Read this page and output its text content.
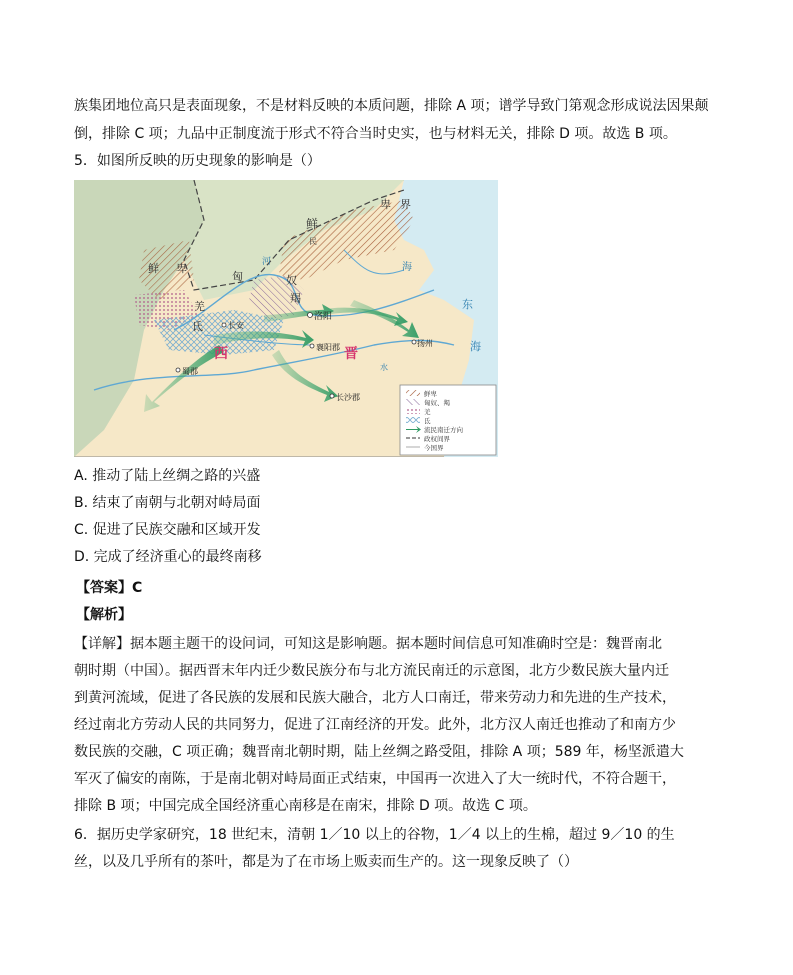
族集团地位高只是表面现象，不是材料反映的本质问题，排除 A 项；谱学导致门第观念形成说法因果颠
倒，排除 C 项；九品中正制度流于形式不符合当时史实，也与材料无关，排除 D 项。故选 B 项。
5．如图所反映的历史现象的影响是（）
鲜
鲜 卑
匈	奴
羯
羌
氐
界
卑
民
河	海
东
海
洛阳
长安
襄阳郡	扬州
蜀郡
长沙郡
西	晋
水
鲜卑
匈奴、羯
羌
氐
流民南迁方向
政权间界
今国界
A. 推动了陆上丝绸之路的兴盛
B. 结束了南朝与北朝对峙局面
C. 促进了民族交融和区域开发
D. 完成了经济重心的最终南移
【答案】C
【解析】
【详解】据本题主题干的设问词，可知这是影响题。据本题时间信息可知准确时空是：魏晋南北
朝时期（中国）。据西晋末年内迁少数民族分布与北方流民南迁的示意图，北方少数民族大量内迁
到黄河流域，促进了各民族的发展和民族大融合，北方人口南迁，带来劳动力和先进的生产技术，
经过南北方劳动人民的共同努力，促进了江南经济的开发。此外，北方汉人南迁也推动了和南方少
数民族的交融，C 项正确；魏晋南北朝时期，陆上丝绸之路受阻，排除 A 项；589 年，杨坚派遣大
军灭了偏安的南陈，于是南北朝对峙局面正式结束，中国再一次进入了大一统时代，不符合题干，
排除 B 项；中国完成全国经济重心南移是在南宋，排除 D 项。故选 C 项。
6．据历史学家研究，18 世纪末，清朝 1／10 以上的谷物，1／4 以上的生棉，超过 9／10 的生
丝，以及几乎所有的茶叶，都是为了在市场上贩卖而生产的。这一现象反映了（）
